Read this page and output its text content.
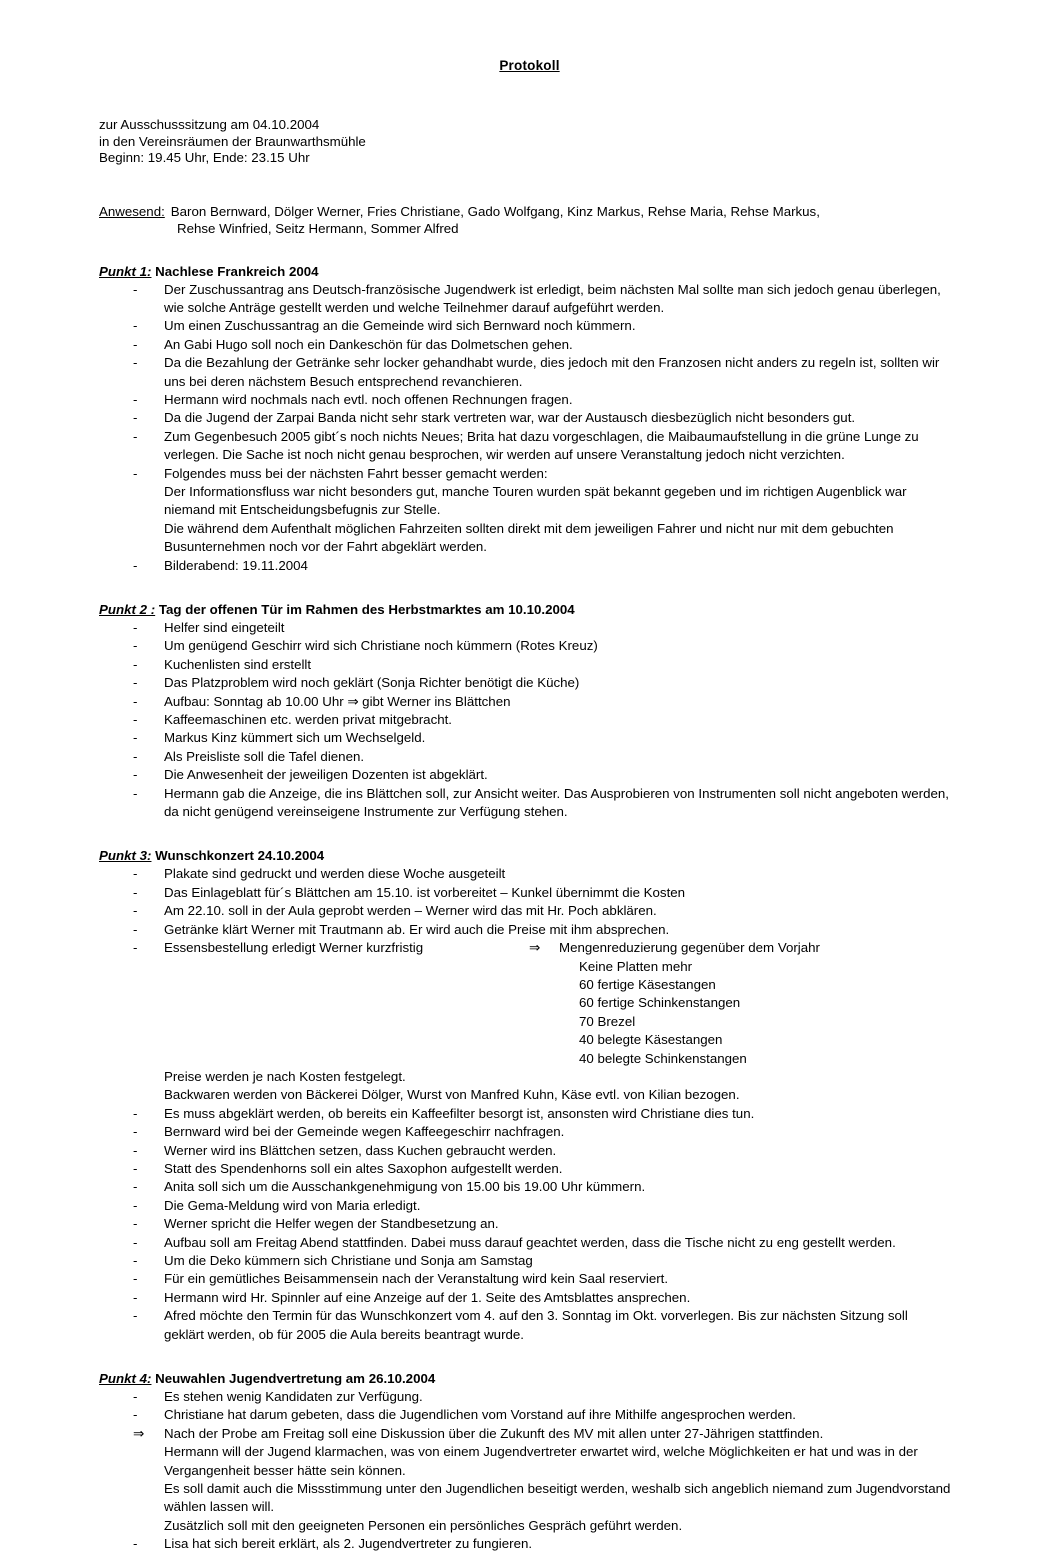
Protokoll
zur Ausschusssitzung am 04.10.2004
in den Vereinsräumen der Braunwarthsmühle
Beginn: 19.45 Uhr, Ende: 23.15 Uhr
Anwesend: Baron Bernward, Dölger Werner, Fries Christiane, Gado Wolfgang, Kinz Markus, Rehse Maria, Rehse Markus,
Rehse Winfried, Seitz Hermann, Sommer Alfred
Punkt 1: Nachlese Frankreich 2004
- Der Zuschussantrag ans Deutsch-französische Jugendwerk ist erledigt, beim nächsten Mal sollte man sich jedoch genau überlegen,
wie solche Anträge gestellt werden und welche Teilnehmer darauf aufgeführt werden.
- Um einen Zuschussantrag an die Gemeinde wird sich Bernward noch kümmern.
- An Gabi Hugo soll noch ein Dankeschön für das Dolmetschen gehen.
- Da die Bezahlung der Getränke sehr locker gehandhabt wurde, dies jedoch mit den Franzosen nicht anders zu regeln ist, sollten wir
uns bei deren nächstem Besuch entsprechend revanchieren.
- Hermann wird nochmals nach evtl. noch offenen Rechnungen fragen.
- Da die Jugend der Zarpai Banda nicht sehr stark vertreten war, war der Austausch diesbezüglich nicht besonders gut.
- Zum Gegenbesuch 2005 gibt´s noch nichts Neues; Brita hat dazu vorgeschlagen, die Maibaumaufstellung in die grüne Lunge zu
verlegen. Die Sache ist noch nicht genau besprochen, wir werden auf unsere Veranstaltung jedoch nicht verzichten.
- Folgendes muss bei der nächsten Fahrt besser gemacht werden:
Der Informationsfluss war nicht besonders gut, manche Touren wurden spät bekannt gegeben und im richtigen Augenblick war
niemand mit Entscheidungsbefugnis zur Stelle.
Die während dem Aufenthalt möglichen Fahrzeiten sollten direkt mit dem jeweiligen Fahrer und nicht nur mit dem gebuchten
Busunternehmen noch vor der Fahrt abgeklärt werden.
- Bilderabend: 19.11.2004
Punkt 2 : Tag der offenen Tür im Rahmen des Herbstmarktes am 10.10.2004
- Helfer sind eingeteilt
- Um genügend Geschirr wird sich Christiane noch kümmern (Rotes Kreuz)
- Kuchenlisten sind erstellt
- Das Platzproblem wird noch geklärt (Sonja Richter benötigt die Küche)
- Aufbau: Sonntag ab 10.00 Uhr ⇒ gibt Werner ins Blättchen
- Kaffeemaschinen etc. werden privat mitgebracht.
- Markus Kinz kümmert sich um Wechselgeld.
- Als Preisliste soll die Tafel dienen.
- Die Anwesenheit der jeweiligen Dozenten ist abgeklärt.
- Hermann gab die Anzeige, die ins Blättchen soll, zur Ansicht weiter. Das Ausprobieren von Instrumenten soll nicht angeboten werden,
da nicht genügend vereinseigene Instrumente zur Verfügung stehen.
Punkt 3: Wunschkonzert 24.10.2004
- Plakate sind gedruckt und werden diese Woche ausgeteilt
- Das Einlageblatt für´s Blättchen am 15.10. ist vorbereitet – Kunkel übernimmt die Kosten
- Am 22.10. soll in der Aula geprobt werden – Werner wird das mit Hr. Poch abklären.
- Getränke klärt Werner mit Trautmann ab. Er wird auch die Preise mit ihm absprechen.
- Essensbestellung erledigt Werner kurzfristig	⇒ Mengenreduzierung gegenüber dem Vorjahr
Keine Platten mehr
60 fertige Käsestangen
60 fertige Schinkenstangen
70 Brezel
40 belegte Käsestangen
40 belegte Schinkenstangen
Preise werden je nach Kosten festgelegt.
Backwaren werden von Bäckerei Dölger, Wurst von Manfred Kuhn, Käse evtl. von Kilian bezogen.
- Es muss abgeklärt werden, ob bereits ein Kaffeefilter besorgt ist, ansonsten wird Christiane dies tun.
- Bernward wird bei der Gemeinde wegen Kaffeegeschirr nachfragen.
- Werner wird ins Blättchen setzen, dass Kuchen gebraucht werden.
- Statt des Spendenhorns soll ein altes Saxophon aufgestellt werden.
- Anita soll sich um die Ausschankgenehmigung von 15.00 bis 19.00 Uhr kümmern.
- Die Gema-Meldung wird von Maria erledigt.
- Werner spricht die Helfer wegen der Standbesetzung an.
- Aufbau soll am Freitag Abend stattfinden. Dabei muss darauf geachtet werden, dass die Tische nicht zu eng gestellt werden.
- Um die Deko kümmern sich Christiane und Sonja am Samstag
- Für ein gemütliches Beisammensein nach der Veranstaltung wird kein Saal reserviert.
- Hermann wird Hr. Spinnler auf eine Anzeige auf der 1. Seite des Amtsblattes ansprechen.
- Afred möchte den Termin für das Wunschkonzert vom 4. auf den 3. Sonntag im Okt. vorverlegen. Bis zur nächsten Sitzung soll
geklärt werden, ob für 2005 die Aula bereits beantragt wurde.
Punkt 4: Neuwahlen Jugendvertretung am 26.10.2004
- Es stehen wenig Kandidaten zur Verfügung.
- Christiane hat darum gebeten, dass die Jugendlichen vom Vorstand auf ihre Mithilfe angesprochen werden.
⇒ Nach der Probe am Freitag soll eine Diskussion über die Zukunft des MV mit allen unter 27-Jährigen stattfinden.
Hermann will der Jugend klarmachen, was von einem Jugendvertreter erwartet wird, welche Möglichkeiten er hat und was in der
Vergangenheit besser hätte sein können.
Es soll damit auch die Missstimmung unter den Jugendlichen beseitigt werden, weshalb sich angeblich niemand zum Jugendvorstand
wählen lassen will.
Zusätzlich soll mit den geeigneten Personen ein persönliches Gespräch geführt werden.
- Lisa hat sich bereit erklärt, als 2. Jugendvertreter zu fungieren.
